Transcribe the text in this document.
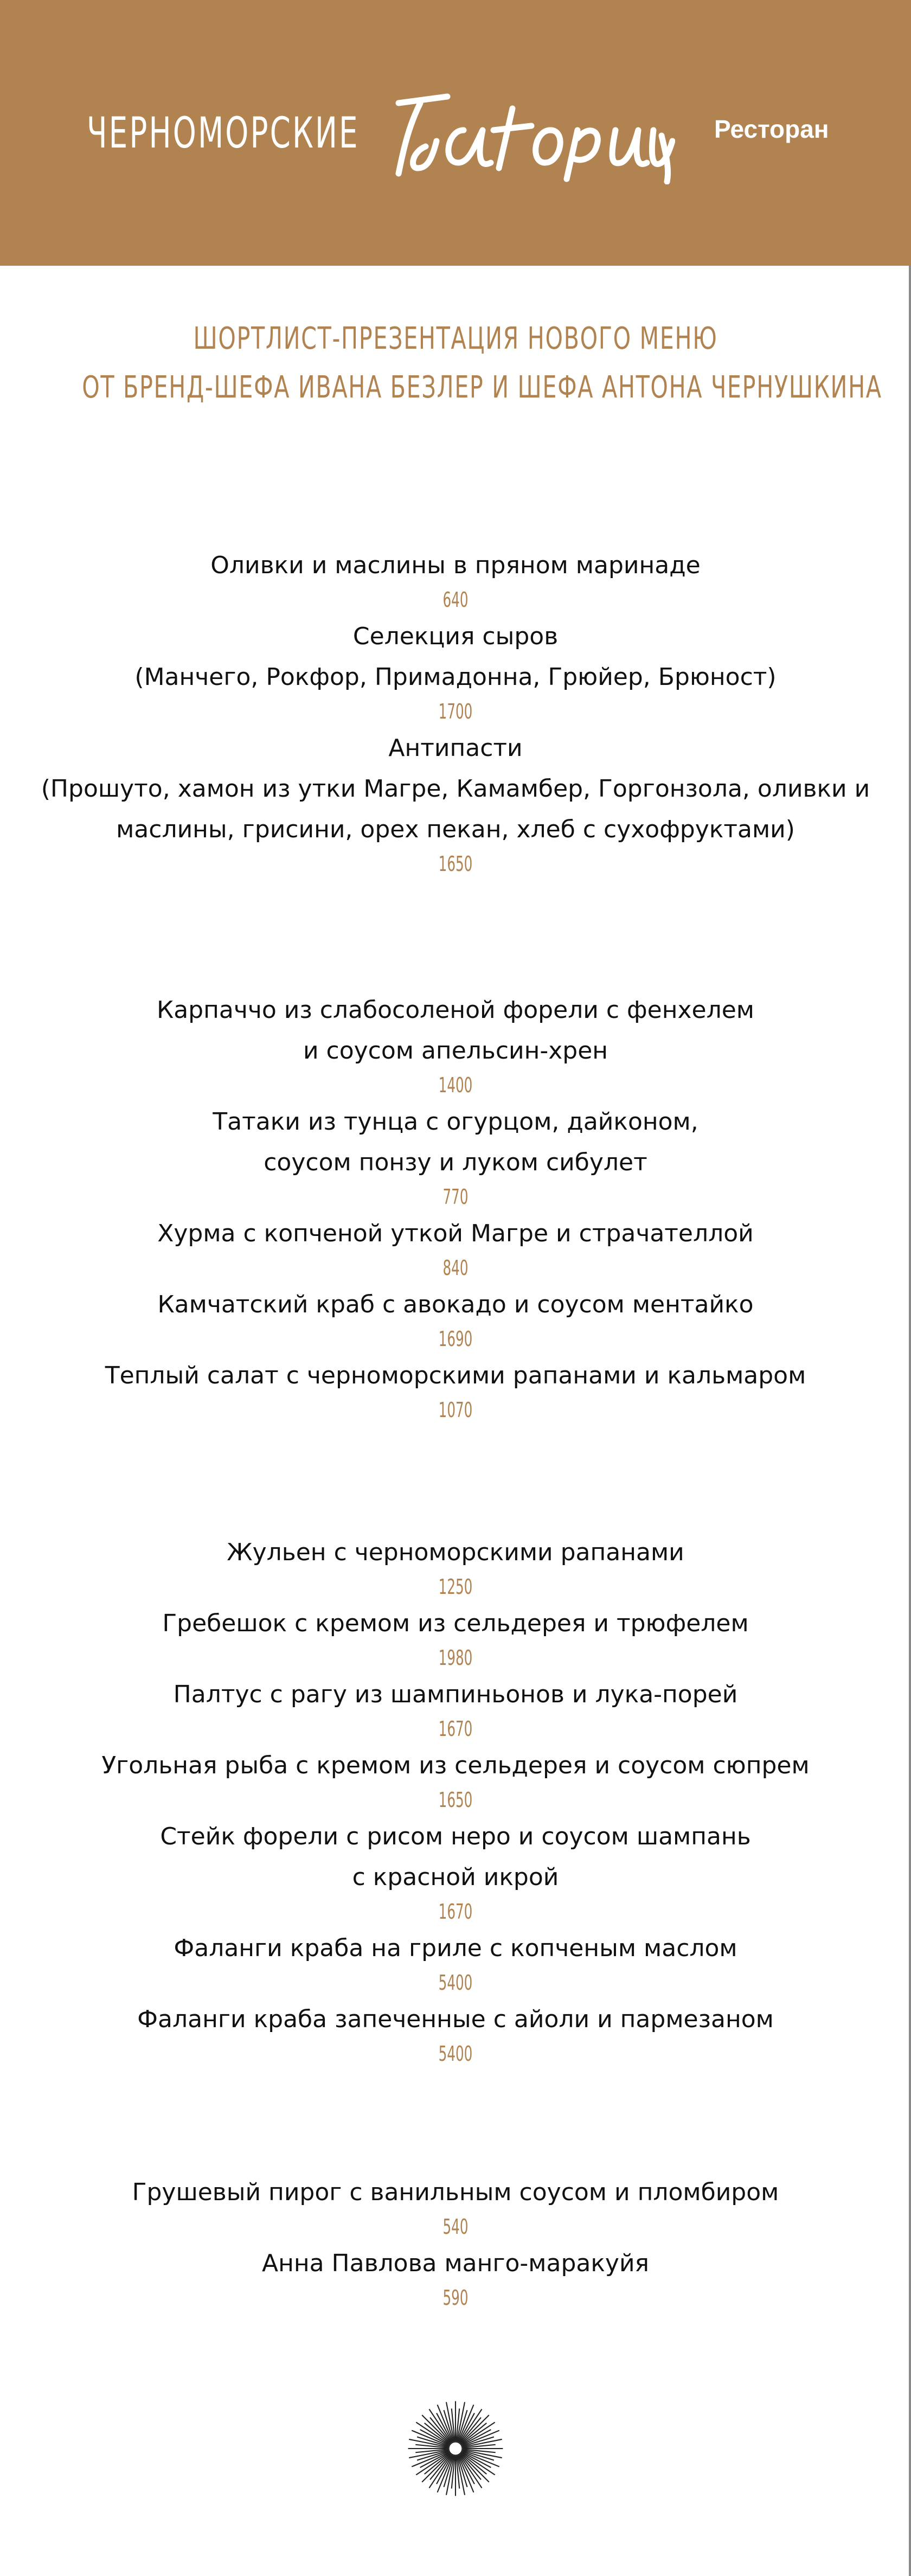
ЧЕРНОМОРСКИЕ	Ресторан
ШОРТЛИСТ-ПРЕЗЕНТАЦИЯ НОВОГО МЕНЮ
ОТ БРЕНД-ШЕФА ИВАНА БЕЗЛЕР И ШЕФА АНТОНА ЧЕРНУШКИНА
Оливки и маслины в пряном маринаде
640
Селекция сыров
(Манчего, Рокфор, Примадонна, Грюйер, Брюност)
1700
Антипасти
(Прошуто, хамон из утки Магре, Камамбер, Горгонзола, оливки и
маслины, грисини, орех пекан, хлеб с сухофруктами)
1650
Карпаччо из слабосоленой форели с фенхелем
и соусом апельсин-хрен
1400
Татаки из тунца с огурцом, дайконом,
соусом понзу и луком сибулет
770
Хурма с копченой уткой Магре и страчателлой
840
Камчатский краб с авокадо и соусом ментайко
1690
Теплый салат с черноморскими рапанами и кальмаром
1070
Жульен с черноморскими рапанами
1250
Гребешок с кремом из сельдерея и трюфелем
1980
Палтус с рагу из шампиньонов и лука-порей
1670
Угольная рыба с кремом из сельдерея и соусом сюпрем
1650
Стейк форели с рисом неро и соусом шампань
с красной икрой
1670
Фаланги краба на гриле с копченым маслом
5400
Фаланги краба запеченные с айоли и пармезаном
5400
Грушевый пирог с ванильным соусом и пломбиром
540
Анна Павлова манго-маракуйя
590
